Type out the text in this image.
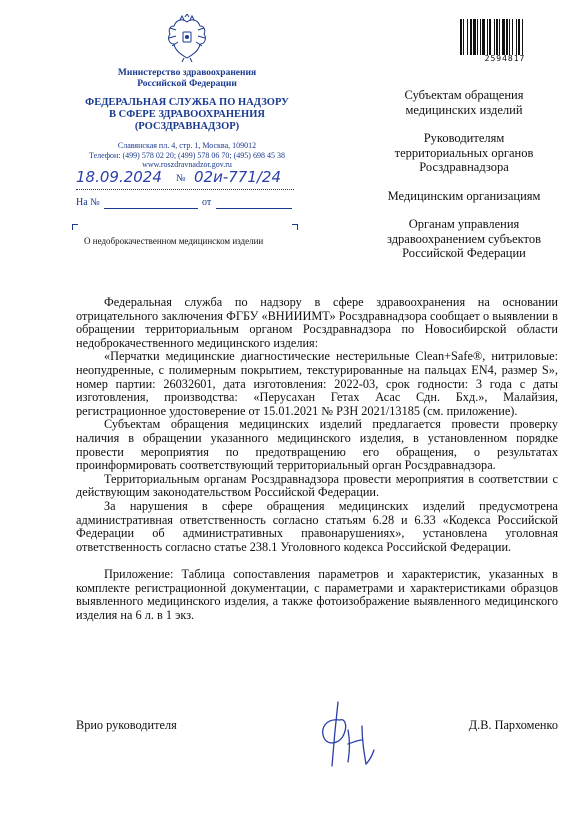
Министерство здравоохранения
Российской Федерации
ФЕДЕРАЛЬНАЯ СЛУЖБА ПО НАДЗОРУ
В СФЕРЕ ЗДРАВООХРАНЕНИЯ
(РОСЗДРАВНАДЗОР)
Славянская пл. 4, стр. 1, Москва, 109012
Телефон: (499) 578 02 20; (499) 578 06 70; (495) 698 45 38
www.roszdravnadzor.gov.ru
18.09.2024 № 02и-771/24
На №	от
О недоброкачественном медицинском изделии
2594817
Субъектам обращения
медицинских изделий
Руководителям
территориальных органов
Росздравнадзора
Медицинским организациям
Органам управления
здравоохранением субъектов
Российской Федерации

Федеральная служба по надзору в сфере здравоохранения на основании отрицательного заключения ФГБУ «ВНИИИМТ» Росздравнадзора сообщает о выявлении в обращении территориальным органом Росздравнадзора по Новосибирской области недоброкачественного медицинского изделия:

«Перчатки медицинские диагностические нестерильные Clean+Safe®, нитриловые: неопудренные, с полимерным покрытием, текстурированные на пальцах EN4, размер S», номер партии: 26032601, дата изготовления: 2022-03, срок годности: 3 года с даты изготовления, производства: «Перусахан Гетах Асас Сдн. Бхд.», Малайзия, регистрационное удостоверение от 15.01.2021 № РЗН 2021/13185 (см. приложение).

Субъектам обращения медицинских изделий предлагается провести проверку наличия в обращении указанного медицинского изделия, в установленном порядке провести мероприятия по предотвращению его обращения, о результатах проинформировать соответствующий территориальный орган Росздравнадзора.

Территориальным органам Росздравнадзора провести мероприятия в соответствии с действующим законодательством Российской Федерации.

За нарушения в сфере обращения медицинских изделий предусмотрена административная ответственность согласно статьям 6.28 и 6.33 «Кодекса Российской Федерации об административных правонарушениях», установлена уголовная ответственность согласно статье 238.1 Уголовного кодекса Российской Федерации.

Приложение: Таблица сопоставления параметров и характеристик, указанных в комплекте регистрационной документации, с параметрами и характеристиками образцов выявленного медицинского изделия, а также фотоизображение выявленного медицинского изделия на 6 л. в 1 экз.

Врио руководителя	Д.В. Пархоменко
